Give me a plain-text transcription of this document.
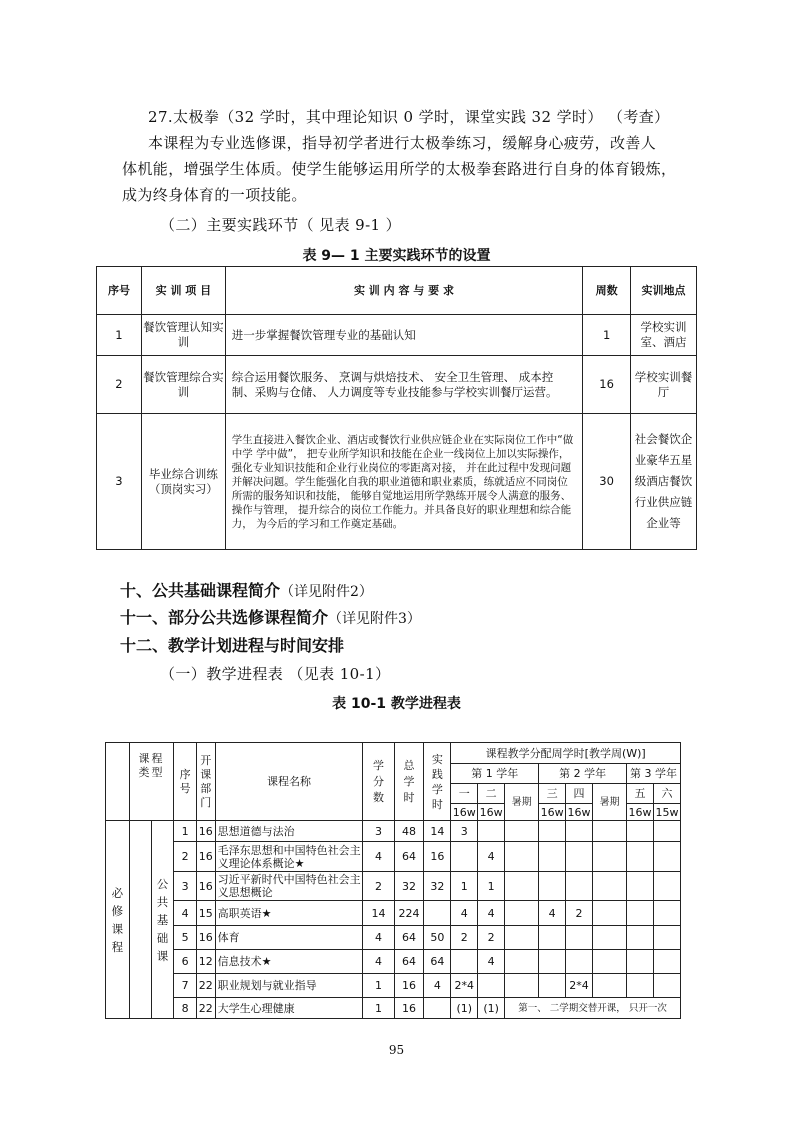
27.太极拳（32 学时，其中理论知识 0 学时，课堂实践 32 学时） （考查）
本课程为专业选修课，指导初学者进行太极拳练习，缓解身心疲劳，改善人
体机能，增强学生体质。使学生能够运用所学的太极拳套路进行自身的体育锻炼，
成为终身体育的一项技能。
（二）主要实践环节（ 见表 9-1 ）
表 9— 1 主要实践环节的设置
序号	实 训 项 目	实 训 内 容 与 要 求	周数	实训地点
1	餐饮管理认知实训	进一步掌握餐饮管理专业的基础认知	1	学校实训室、酒店
2	餐饮管理综合实训	综合运用餐饮服务、 烹调与烘焙技术、 安全卫生管理、 成本控制、采购与仓储、 人力调度等专业技能参与学校实训餐厅运营。	16	学校实训餐厅
3	毕业综合训练（顶岗实习）	学生直接进入餐饮企业、酒店或餐饮行业供应链企业在实际岗位工作中“做中学 学中做”， 把专业所学知识和技能在企业一线岗位上加以实际操作， 强化专业知识技能和企业行业岗位的零距离对接， 并在此过程中发现问题并解决问题。学生能强化自我的职业道德和职业素质，练就适应不同岗位所需的服务知识和技能， 能够自觉地运用所学熟练开展令人满意的服务、操作与管理， 提升综合的岗位工作能力。并具备良好的职业理想和综合能力， 为今后的学习和工作奠定基础。	30	社会餐饮企业豪华五星级酒店餐饮行业供应链企业等
十、公共基础课程简介（详见附件2）
十一、部分公共选修课程简介（详见附件3）
十二、教学计划进程与时间安排
（一）教学进程表 （见表 10-1）
表 10-1 教学进程表

	课程类型	序号	开课部门	课程名称	学分数	总学时	实践学时	课程教学分配周学时[教学周(W)]							
								第 1 学年			第 2 学年			第 3 学年	
								一	二	暑期	三	四	暑期	五	六
								16w	16w		16w	16w		16w	15w

必修课程	公共基础课	1	16	思想道德与法治	3	48	14	3							
		2	16	毛泽东思想和中国特色社会主义理论体系概论★	4	64	16		4						
		3	16	习近平新时代中国特色社会主义思想概论	2	32	32	1	1						
		4	15	高职英语★	14	224		4	4		4	2			
		5	16	体育	4	64	50	2	2						
		6	12	信息技术★	4	64	64		4						
		7	22	职业规划与就业指导	1	16	4	2*4				2*4			
		8	22	大学生心理健康	1	16		(1)	(1)	第一、 二学期交替开课， 只开一次					
95
